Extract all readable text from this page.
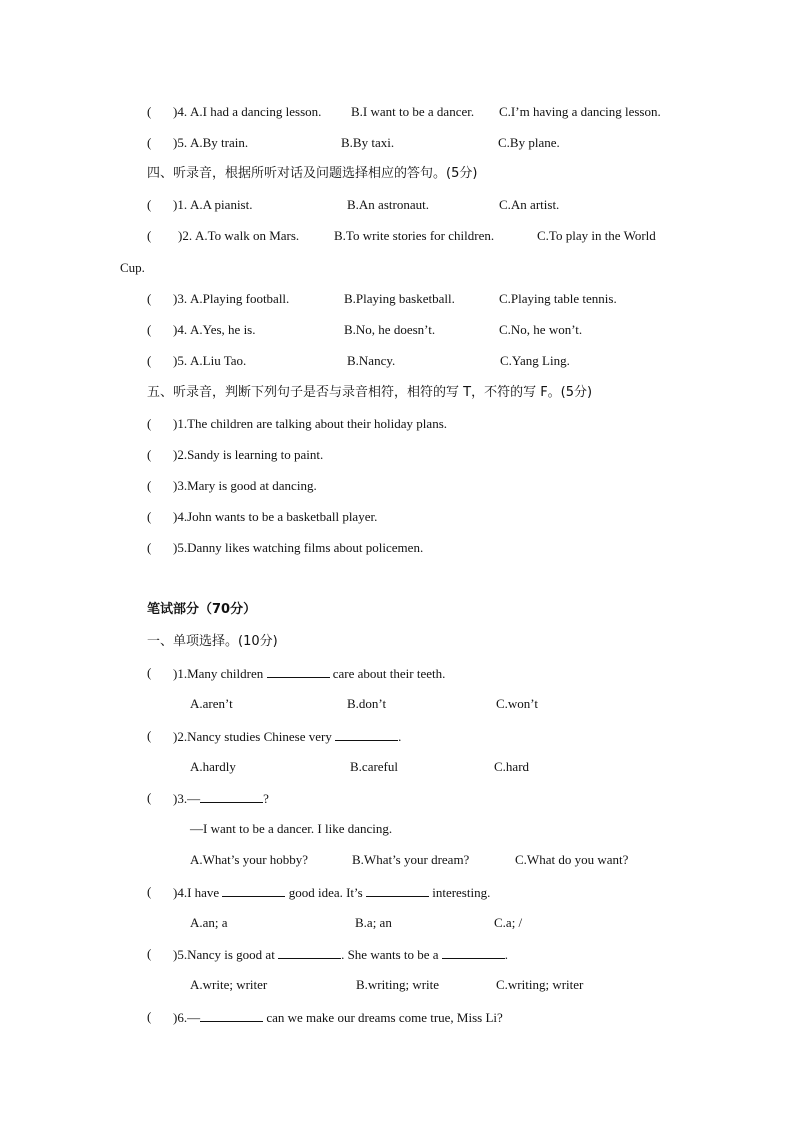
( )4. A.I had a dancing lesson. B.I want to be a dancer. C.I’m having a dancing lesson.
( )5. A.By train.	B.By taxi.	C.By plane.
四、听录音，根据所听对话及问题选择相应的答句。(5分)
( )1. A.A pianist.	B.An astronaut.	C.An artist.
( )2. A.To walk on Mars.	B.To write stories for children.	C.To play in the World
Cup.
( )3. A.Playing football.	B.Playing basketball.	C.Playing table tennis.
( )4. A.Yes, he is.	B.No, he doesn’t.	C.No, he won’t.
( )5. A.Liu Tao.	B.Nancy.	C.Yang Ling.
五、听录音，判断下列句子是否与录音相符，相符的写 T，不符的写 F。(5分)
( )1.The children are talking about their holiday plans.
( )2.Sandy is learning to paint.
( )3.Mary is good at dancing.
( )4.John wants to be a basketball player.
( )5.Danny likes watching films about policemen.
笔试部分（70分）
一、单项选择。(10分)
( )1.Many children	care about their teeth.
A.aren’t	B.don’t	C.won’t
( )2.Nancy studies Chinese very	.
A.hardly	B.careful	C.hard
( )3.—	?
—I want to be a dancer. I like dancing.
A.What’s your hobby?	B.What’s your dream?	C.What do you want?
( )4.I have	good idea. It’s	interesting.
A.an; a	B.a; an	C.a; /
( )5.Nancy is good at	. She wants to be a	.
A.write; writer	B.writing; write	C.writing; writer
( )6.—	can we make our dreams come true, Miss Li?
